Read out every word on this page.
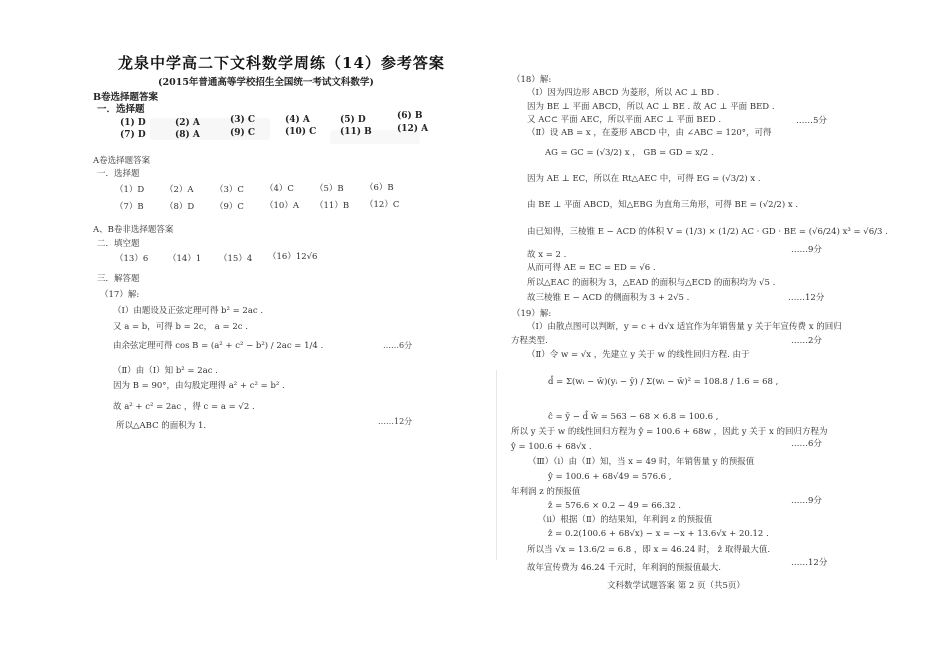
龙泉中学高二下文科数学周练（14）参考答案
(2015年普通高等学校招生全国统一考试文科数学)
B卷选择题答案
一．选择题
(1) D	(2) A	(3) C	(4) A	(5) D	(6) B
(7) D	(8) A	(9) C	(10) C	(11) B	(12) A
A卷选择题答案
一．选择题
（1）D （2）A	（3）C （4）C （5）B	（6）B
（7）B	（8）D （9）C （10）A （11）B （12）C
A、B卷非选择题答案
二．填空题
（13）6 （14）1 （15）4 （16）12√6
三．解答题
（17）解:
（Ⅰ）由题设及正弦定理可得 b² = 2ac .
又 a = b，可得 b = 2c， a = 2c .
由余弦定理可得 cos B = (a² + c² − b²) / 2ac = 1/4 .
（Ⅱ）由（Ⅰ）知 b² = 2ac .
因为 B = 90°，由勾股定理得 a² + c² = b² .
故 a² + c² = 2ac ，得 c = a = √2 .
所以△ABC 的面积为 1.
……6分
……12分
（18）解:
（Ⅰ）因为四边形 ABCD 为菱形，所以 AC ⊥ BD .
因为 BE ⊥ 平面 ABCD，所以 AC ⊥ BE . 故 AC ⊥ 平面 BED .
又 AC⊂ 平面 AEC，所以平面 AEC ⊥ 平面 BED .
（Ⅱ）设 AB = x ，在菱形 ABCD 中，由 ∠ABC = 120°，可得
AG = GC = (√3/2) x ， GB = GD = x/2 .
因为 AE ⊥ EC，所以在 Rt△AEC 中，可得 EG = (√3/2) x .
由 BE ⊥ 平面 ABCD，知△EBG 为直角三角形，可得 BE = (√2/2) x .
由已知得，三棱锥 E − ACD 的体积 V = (1/3) × (1/2) AC · GD · BE = (√6/24) x³ = √6/3 .
故 x = 2 .
从而可得 AE = EC = ED = √6 .
所以△EAC 的面积为 3，△EAD 的面积与△ECD 的面积均为 √5 .
故三棱锥 E − ACD 的侧面积为 3 + 2√5 .
……5分
……9分
……12分
（19）解:
（Ⅰ）由散点图可以判断，y = c + d√x 适宜作为年销售量 y 关于年宣传费 x 的回归
方程类型.
（Ⅱ）令 w = √x ，先建立 y 关于 w 的线性回归方程. 由于
d̂ = Σ(wᵢ − w̄)(yᵢ − ȳ) / Σ(wᵢ − w̄)² = 108.8 / 1.6 = 68 ,
ĉ = ȳ − d̂ w̄ = 563 − 68 × 6.8 = 100.6 ,
所以 y 关于 w 的线性回归方程为 ŷ = 100.6 + 68w ，因此 y 关于 x 的回归方程为
ŷ = 100.6 + 68√x .
（Ⅲ）（i）由（Ⅱ）知，当 x = 49 时，年销售量 y 的预报值
ŷ = 100.6 + 68√49 = 576.6 ,
年利润 z 的预报值
ẑ = 576.6 × 0.2 − 49 = 66.32 .
（ii）根据（Ⅱ）的结果知，年利润 z 的预报值
ẑ = 0.2(100.6 + 68√x) − x = −x + 13.6√x + 20.12 .
所以当 √x = 13.6/2 = 6.8 ，即 x = 46.24 时， ẑ 取得最大值.
故年宣传费为 46.24 千元时，年利润的预报值最大.
……2分
……6分
……9分
……12分
文科数学试题答案 第 2 页（共5页）
